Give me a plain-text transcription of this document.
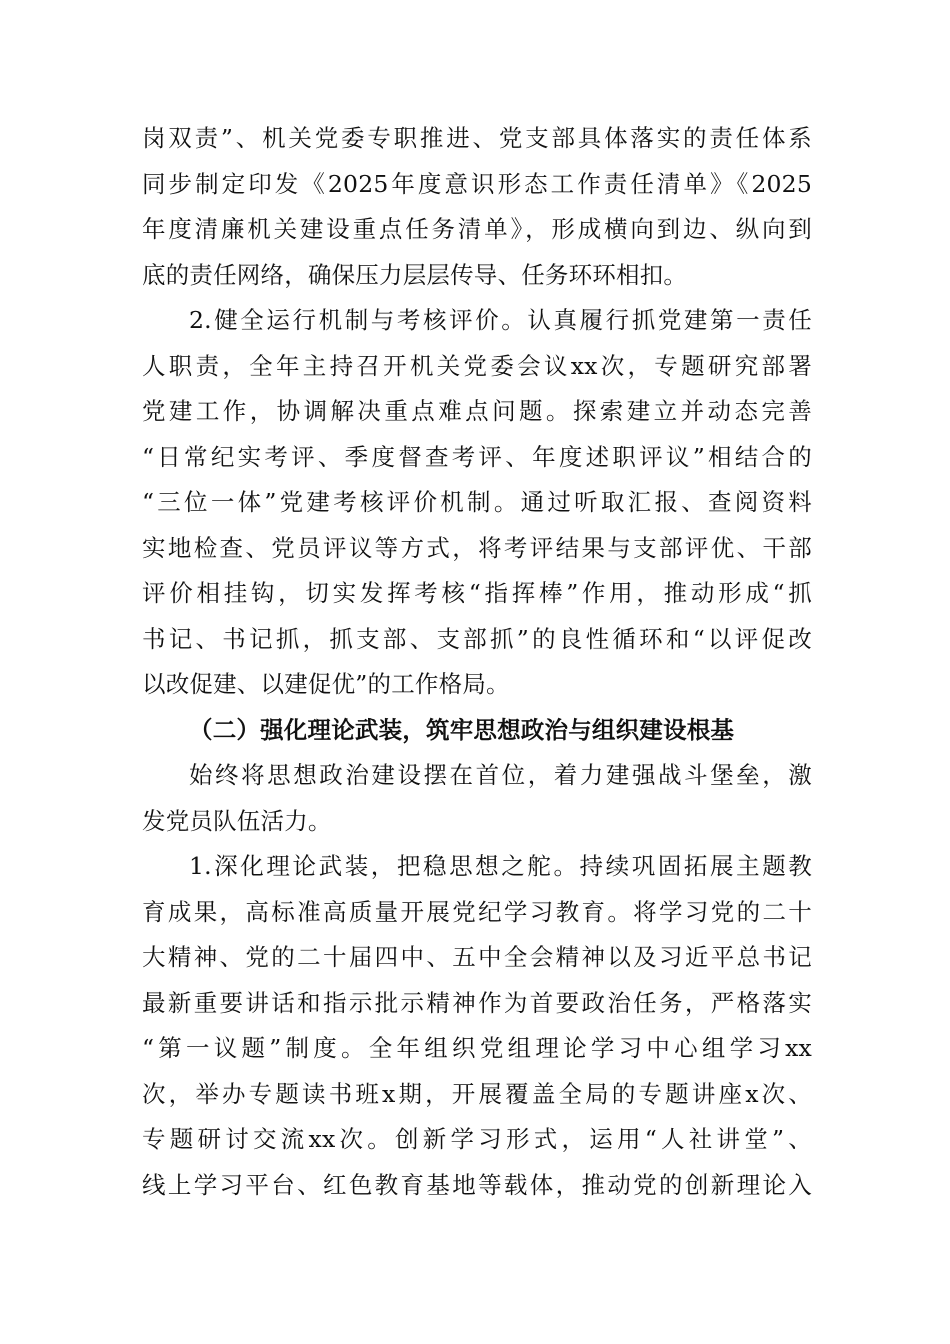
岗双责”、机关党委专职推进、党支部具体落实的责任体系
同步制定印发《2025年度意识形态工作责任清单》《2025
年度清廉机关建设重点任务清单》，形成横向到边、纵向到
底的责任网络，确保压力层层传导、任务环环相扣。
2.健全运行机制与考核评价。认真履行抓党建第一责任
人职责，全年主持召开机关党委会议xx次，专题研究部署
党建工作，协调解决重点难点问题。探索建立并动态完善
“日常纪实考评、季度督查考评、年度述职评议”相结合的
“三位一体”党建考核评价机制。通过听取汇报、查阅资料
实地检查、党员评议等方式，将考评结果与支部评优、干部
评价相挂钩，切实发挥考核“指挥棒”作用，推动形成“抓
书记、书记抓，抓支部、支部抓”的良性循环和“以评促改
以改促建、以建促优”的工作格局。
（二）强化理论武装，筑牢思想政治与组织建设根基
始终将思想政治建设摆在首位，着力建强战斗堡垒，激
发党员队伍活力。
1.深化理论武装，把稳思想之舵。持续巩固拓展主题教
育成果，高标准高质量开展党纪学习教育。将学习党的二十
大精神、党的二十届四中、五中全会精神以及习近平总书记
最新重要讲话和指示批示精神作为首要政治任务，严格落实
“第一议题”制度。全年组织党组理论学习中心组学习xx
次，举办专题读书班x期，开展覆盖全局的专题讲座x次、
专题研讨交流xx次。创新学习形式，运用“人社讲堂”、
线上学习平台、红色教育基地等载体，推动党的创新理论入
